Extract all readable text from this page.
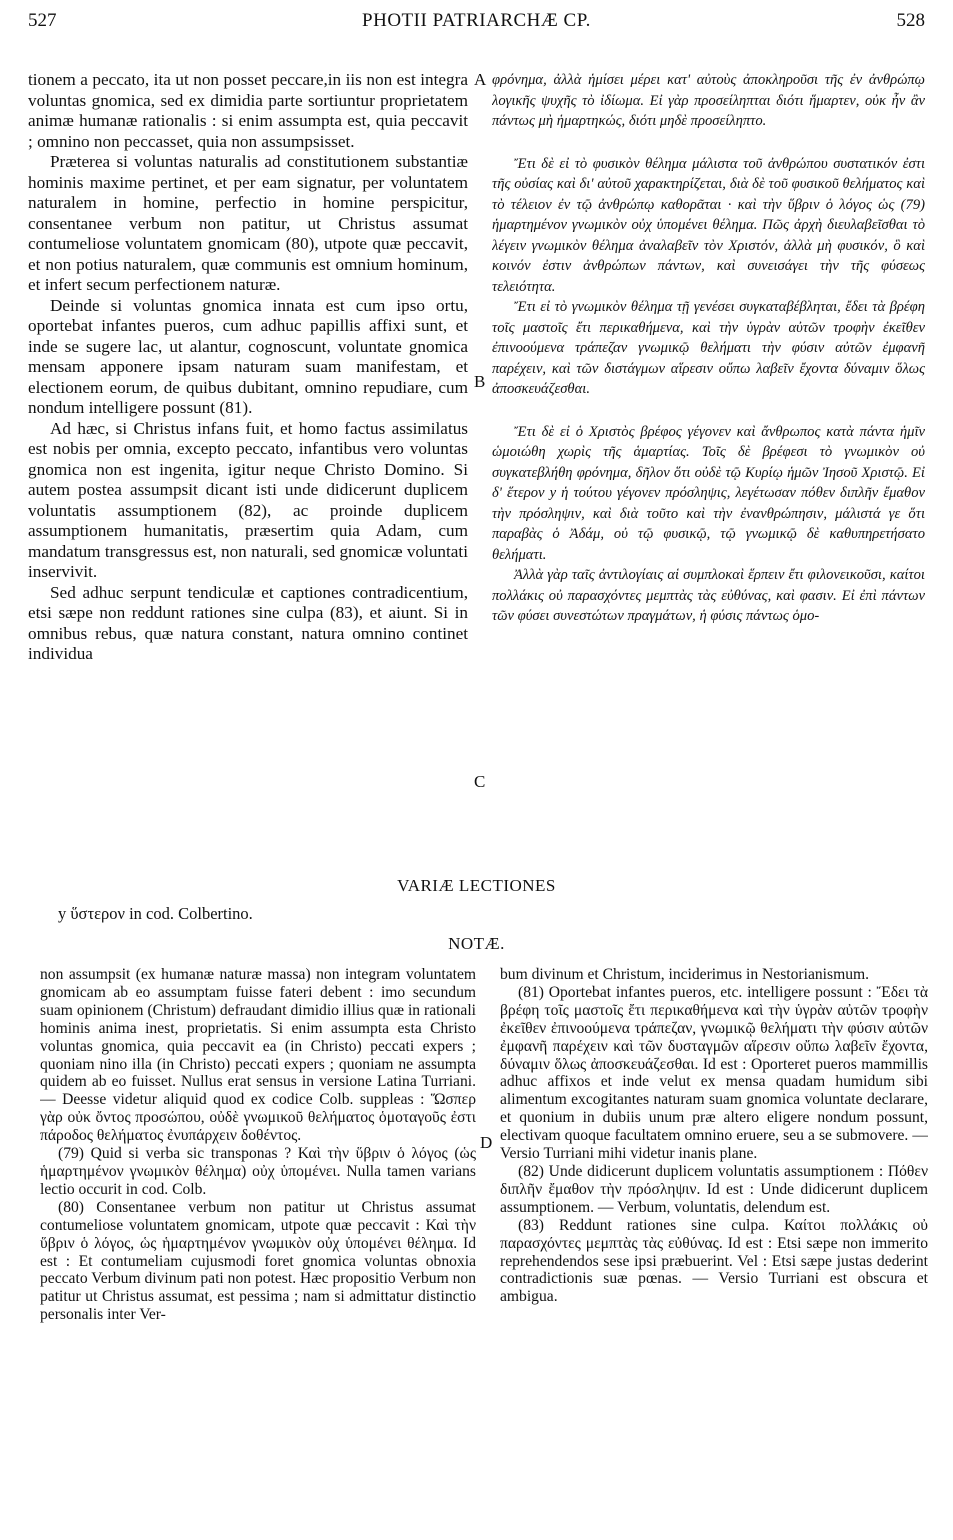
527	PHOTII PATRIARCHÆ CP.	528

tionem a peccato, ita ut non posset peccare,in iis non est integra voluntas gnomica, sed ex dimidia parte sortiuntur proprietatem animæ humanæ rationalis : si enim assumpta est, quia peccavit ; omnino non peccasset, quia non assumpsisset.

Præterea si voluntas naturalis ad constitutionem substantiæ hominis maxime pertinet, et per eam signatur, per voluntatem naturalem in homine, perfectio in homine perspicitur, consentanee verbum non patitur, ut Christus assumat contumeliose voluntatem gnomicam (80), utpote quæ peccavit, et non potius naturalem, quæ communis est omnium hominum, et infert secum perfectionem naturæ.

Deinde si voluntas gnomica innata est cum ipso ortu, oportebat infantes pueros, cum adhuc papillis affixi sunt, et inde se sugere lac, ut alantur, cognoscunt, voluntate gnomica mensam apponere ipsam naturam suam manifestam, et electionem eorum, de quibus dubitant, omnino repudiare, cum nondum intelligere possunt (81).

Ad hæc, si Christus infans fuit, et homo factus assimilatus est nobis per omnia, excepto peccato, infantibus vero voluntas gnomica non est ingenita, igitur neque Christo Domino. Si autem postea assumpsit dicant isti unde didicerunt duplicem voluntatis assumptionem (82), ac proinde duplicem assumptionem humanitatis, præsertim quia Adam, cum mandatum transgressus est, non naturali, sed gnomicæ voluntati inservivit.

Sed adhuc serpunt tendiculæ et captiones contradicentium, etsi sæpe non reddunt rationes sine culpa (83), et aiunt. Si in omnibus rebus, quæ natura constant, natura omnino continet individua

A
B
C
D

φρόνημα, ἀλλὰ ἡμίσει μέρει κατ' αὐτοὺς ἀποκληροῦσι τῆς ἐν ἀνθρώπῳ λογικῆς ψυχῆς τὸ ἰδίωμα. Εἰ γὰρ προσείληπται διότι ἥμαρτεν, οὐκ ἦν ἂν πάντως μὴ ἡμαρτηκώς, διότι μηδὲ προσείληπτο.

Ἔτι δὲ εἰ τὸ φυσικὸν θέλημα μάλιστα τοῦ ἀνθρώπου συστατικόν ἐστι τῆς οὐσίας καὶ δι' αὐτοῦ χαρακτηρίζεται, διὰ δὲ τοῦ φυσικοῦ θελήματος καὶ τὸ τέλειον ἐν τῷ ἀνθρώπῳ καθορᾶται · καὶ τὴν ὕβριν ὁ λόγος ὡς (79) ἡμαρτημένον γνωμικὸν οὐχ ὑπομένει θέλημα. Πῶς ἀρχὴ διευλαβεῖσθαι τὸ λέγειν γνωμικὸν θέλημα ἀναλαβεῖν τὸν Χριστόν, ἀλλὰ μὴ φυσικόν, ὃ καὶ κοινόν ἐστιν ἀνθρώπων πάντων, καὶ συνεισάγει τὴν τῆς φύσεως τελειότητα.

Ἔτι εἰ τὸ γνωμικὸν θέλημα τῇ γενέσει συγκαταβέβληται, ἔδει τὰ βρέφη τοῖς μαστοῖς ἔτι περικαθήμενα, καὶ τὴν ὑγρὰν αὐτῶν τροφὴν ἐκεῖθεν ἐπινοούμενα τράπεζαν γνωμικῷ θελήματι τὴν φύσιν αὐτῶν ἐμφανῆ παρέχειν, καὶ τῶν διστάγμων αἵρεσιν οὔπω λαβεῖν ἔχοντα δύναμιν ὅλως ἀποσκευάζεσθαι.

Ἔτι δὲ εἰ ὁ Χριστὸς βρέφος γέγονεν καὶ ἄνθρωπος κατὰ πάντα ἡμῖν ὡμοιώθη χωρὶς τῆς ἁμαρτίας. Τοῖς δὲ βρέφεσι τὸ γνωμικὸν οὐ συγκατεβλήθη φρόνημα, δῆλον ὅτι οὐδὲ τῷ Κυρίῳ ἡμῶν Ἰησοῦ Χριστῷ. Εἰ δ' ἕτερον y ἡ τούτου γέγονεν πρόσληψις, λεγέτωσαν πόθεν διπλῆν ἔμαθον τὴν πρόσληψιν, καὶ διὰ τοῦτο καὶ τὴν ἐνανθρώπησιν, μάλιστά γε ὅτι παραβὰς ὁ Ἀδάμ, οὐ τῷ φυσικῷ, τῷ γνωμικῷ δὲ καθυπηρετήσατο θελήματι.

Ἀλλὰ γὰρ ταῖς ἀντιλογίαις αἱ συμπλοκαὶ ἕρπειν ἔτι φιλονεικοῦσι, καίτοι πολλάκις οὐ παρασχόντες μεμπτὰς τὰς εὐθύνας, καὶ φασιν. Εἰ ἐπὶ πάντων τῶν φύσει συνεστώτων πραγμάτων, ἡ φύσις πάντως ὁμο-

VARIÆ LECTIONES
y ὕστερον in cod. Colbertino.
NOTÆ.

non assumpsit (ex humanæ naturæ massa) non integram voluntatem gnomicam ab eo assumptam fuisse fateri debent : imo secundum suam opinionem (Christum) defraudant dimidio illius quæ in rationali hominis anima inest, proprietatis. Si enim assumpta esta Christo voluntas gnomica, quia peccavit ea (in Christo) peccati expers ; quoniam nino illa (in Christo) peccati expers ; quoniam ne assumpta quidem ab eo fuisset. Nullus erat sensus in versione Latina Turriani. — Deesse videtur aliquid quod ex codice Colb. suppleas : Ὥσπερ γὰρ οὐκ ὄντος προσώπου, οὐδὲ γνωμικοῦ θελήματος ὁμοταγοῦς ἐστι πάροδος θελήματος ἐνυπάρχειν δοθέντος.

(79) Quid si verba sic transponas ? Καὶ τὴν ὕβριν ὁ λόγος (ὡς ἡμαρτημένον γνωμικὸν θέλημα) οὐχ ὑπομένει. Nulla tamen varians lectio occurit in cod. Colb.

(80) Consentanee verbum non patitur ut Christus assumat contumeliose voluntatem gnomicam, utpote quæ peccavit : Καὶ τὴν ὕβριν ὁ λόγος, ὡς ἡμαρτημένον γνωμικὸν οὐχ ὑπομένει θέλημα. Id est : Et contumeliam cujusmodi foret gnomica voluntas obnoxia peccato Verbum divinum pati non potest. Hæc propositio Verbum non patitur ut Christus assumat, est pessima ; nam si admittatur distinctio personalis inter Ver-

bum divinum et Christum, inciderimus in Nestorianismum.

(81) Oportebat infantes pueros, etc. intelligere possunt : Ἔδει τὰ βρέφη τοῖς μαστοῖς ἔτι περικαθήμενα καὶ τὴν ὑγρὰν αὐτῶν τροφὴν ἐκεῖθεν ἐπινοούμενα τράπεζαν, γνωμικῷ θελήματι τὴν φύσιν αὐτῶν ἐμφανῆ παρέχειν καὶ τῶν δυσταγμῶν αἵρεσιν οὔπω λαβεῖν ἔχοντα, δύναμιν ὅλως ἀποσκευάζεσθαι. Id est : Oporteret pueros mammillis adhuc affixos et inde velut ex mensa quadam humidum sibi alimentum excogitantes naturam suam gnomica voluntate declarare, et quonium in dubiis unum præ altero eligere nondum possunt, electivam quoque facultatem omnino eruere, seu a se submovere. — Versio Turriani mihi videtur inanis plane.

(82) Unde didicerunt duplicem voluntatis assumptionem : Πόθεν διπλῆν ἔμαθον τὴν πρόσληψιν. Id est : Unde didicerunt duplicem assumptionem. — Verbum, voluntatis, delendum est.

(83) Reddunt rationes sine culpa. Καίτοι πολλάκις οὐ παρασχόντες μεμπτὰς τὰς εὐθύνας. Id est : Etsi sæpe non immerito reprehendendos sese ipsi præbuerint. Vel : Etsi sæpe justas dederint contradictionis suæ pœnas. — Versio Turriani est obscura et ambigua.
